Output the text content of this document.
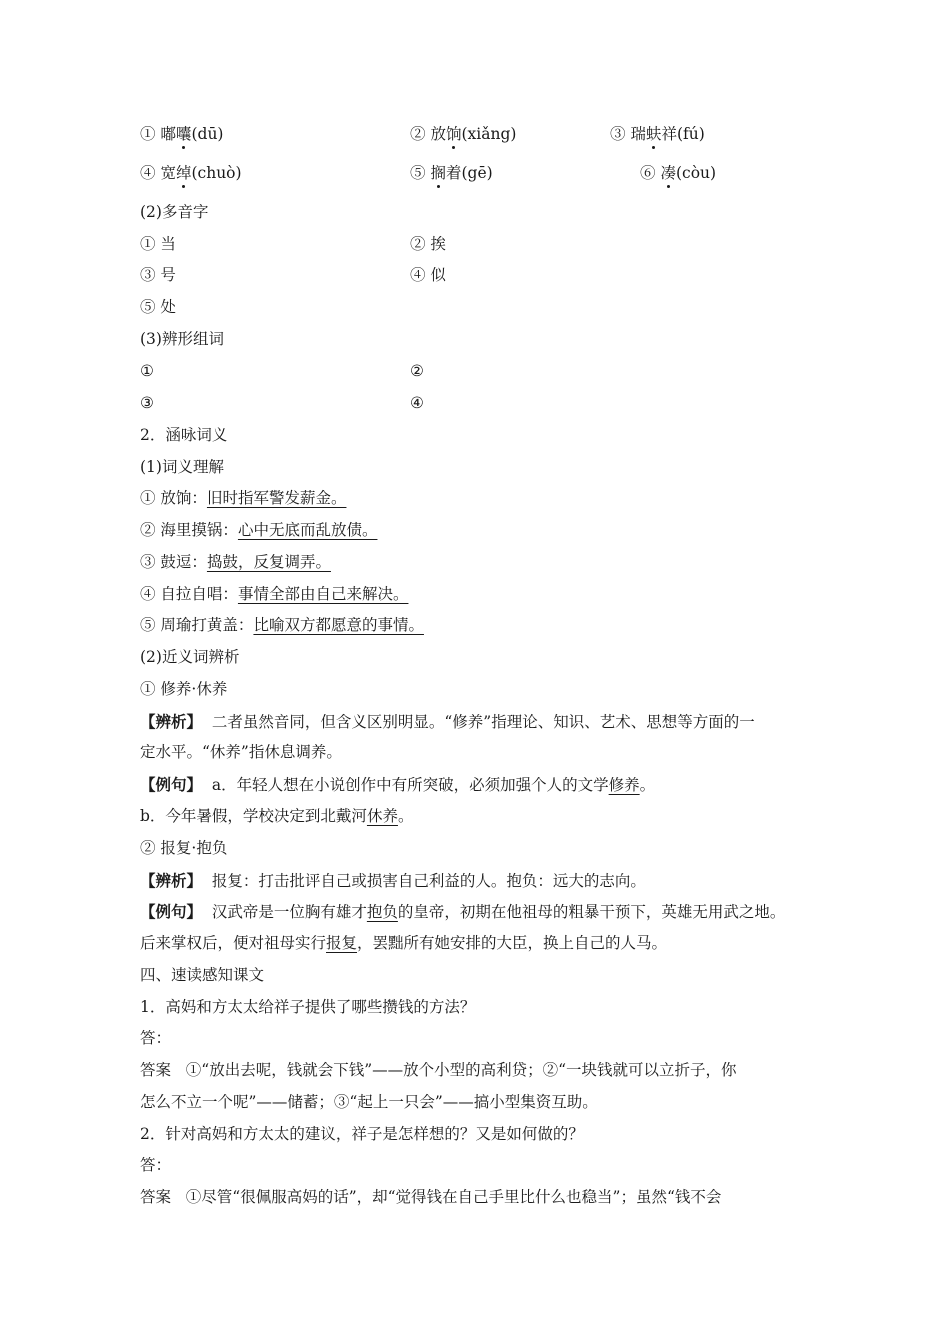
① 嘟囔(dū)	② 放饷(xiǎng)	③ 瑞蚨祥(fú)
④ 宽绰(chuò)	⑤ 搁着(gē)	⑥ 凑(còu)
(2)多音字
① 当	② 挨
③ 号	④ 似
⑤ 处
(3)辨形组词
①	②
③	④
2．涵咏词义
(1)词义理解
① 放饷：旧时指军警发薪金。
② 海里摸锅：心中无底而乱放债。
③ 鼓逗：捣鼓，反复调弄。
④ 自拉自唱：事情全部由自己来解决。
⑤ 周瑜打黄盖：比喻双方都愿意的事情。
(2)近义词辨析
① 修养·休养
【辨析】  二者虽然音同，但含义区别明显。“修养”指理论、知识、艺术、思想等方面的一
定水平。“休养”指休息调养。
【例句】  a．年轻人想在小说创作中有所突破，必须加强个人的文学修养。
b．今年暑假，学校决定到北戴河休养。
② 报复·抱负
【辨析】  报复：打击批评自己或损害自己利益的人。抱负：远大的志向。
【例句】  汉武帝是一位胸有雄才抱负的皇帝，初期在他祖母的粗暴干预下，英雄无用武之地。
后来掌权后，便对祖母实行报复，罢黜所有她安排的大臣，换上自己的人马。
四、速读感知课文
1．高妈和方太太给祥子提供了哪些攒钱的方法？
答：
答案   ①“放出去呢，钱就会下钱”——放个小型的高利贷；②“一块钱就可以立折子，你
怎么不立一个呢”——储蓄；③“起上一只会”——搞小型集资互助。
2．针对高妈和方太太的建议，祥子是怎样想的？又是如何做的？
答：
答案   ①尽管“很佩服高妈的话”，却“觉得钱在自己手里比什么也稳当”；虽然“钱不会
